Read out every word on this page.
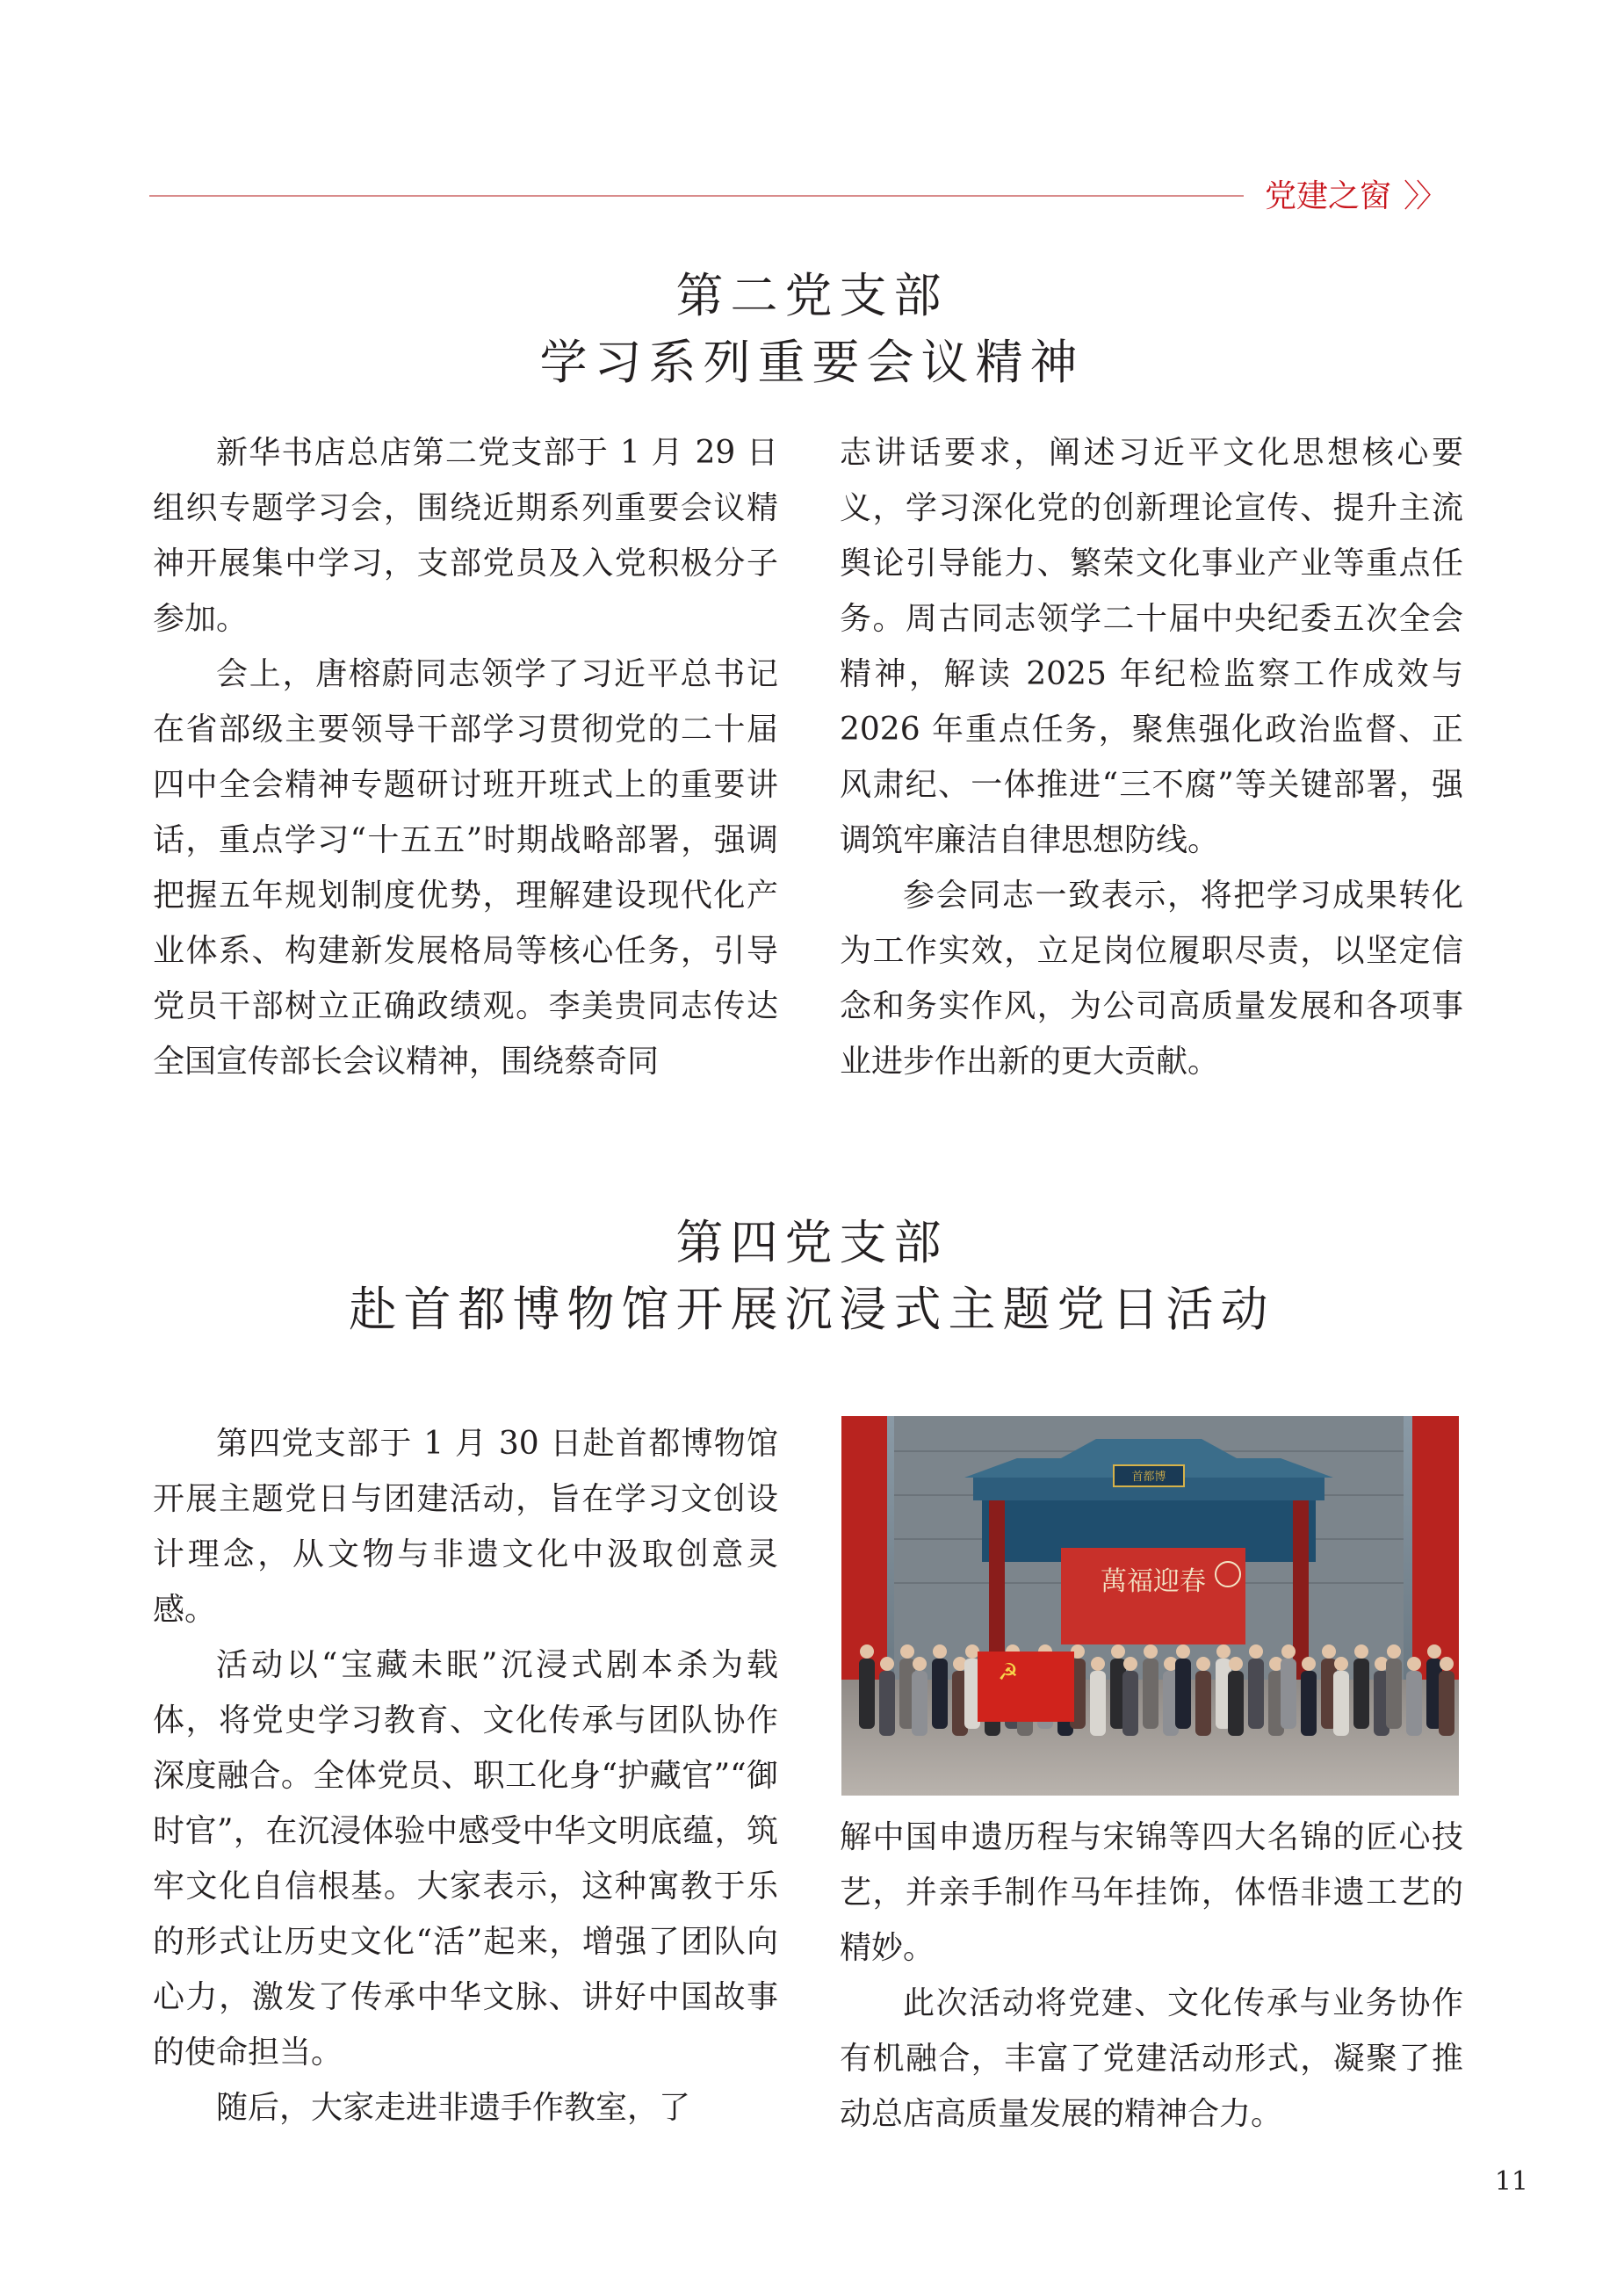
党建之窗 〉〉
第二党支部
学习系列重要会议精神

新华书店总店第二党支部于 1 月 29 日组织专题学习会，围绕近期系列重要会议精神开展集中学习，支部党员及入党积极分子参加。

会上，唐榕蔚同志领学了习近平总书记在省部级主要领导干部学习贯彻党的二十届四中全会精神专题研讨班开班式上的重要讲话，重点学习“十五五”时期战略部署，强调把握五年规划制度优势，理解建设现代化产业体系、构建新发展格局等核心任务，引导党员干部树立正确政绩观。李美贵同志传达全国宣传部长会议精神，围绕蔡奇同

志讲话要求，阐述习近平文化思想核心要义，学习深化党的创新理论宣传、提升主流舆论引导能力、繁荣文化事业产业等重点任务。周古同志领学二十届中央纪委五次全会精神，解读 2025 年纪检监察工作成效与 2026 年重点任务，聚焦强化政治监督、正风肃纪、一体推进“三不腐”等关键部署，强调筑牢廉洁自律思想防线。

参会同志一致表示，将把学习成果转化为工作实效，立足岗位履职尽责，以坚定信念和务实作风，为公司高质量发展和各项事业进步作出新的更大贡献。

第四党支部
赴首都博物馆开展沉浸式主题党日活动

第四党支部于 1 月 30 日赴首都博物馆开展主题党日与团建活动，旨在学习文创设计理念，从文物与非遗文化中汲取创意灵感。

活动以“宝藏未眠”沉浸式剧本杀为载体，将党史学习教育、文化传承与团队协作深度融合。全体党员、职工化身“护藏官”“御时官”，在沉浸体验中感受中华文明底蕴，筑牢文化自信根基。大家表示，这种寓教于乐的形式让历史文化“活”起来，增强了团队向心力，激发了传承中华文脉、讲好中国故事的使命担当。

随后，大家走进非遗手作教室，了

首都博
萬福迎春
☭

解中国申遗历程与宋锦等四大名锦的匠心技艺，并亲手制作马年挂饰，体悟非遗工艺的精妙。

此次活动将党建、文化传承与业务协作有机融合，丰富了党建活动形式，凝聚了推动总店高质量发展的精神合力。

11
